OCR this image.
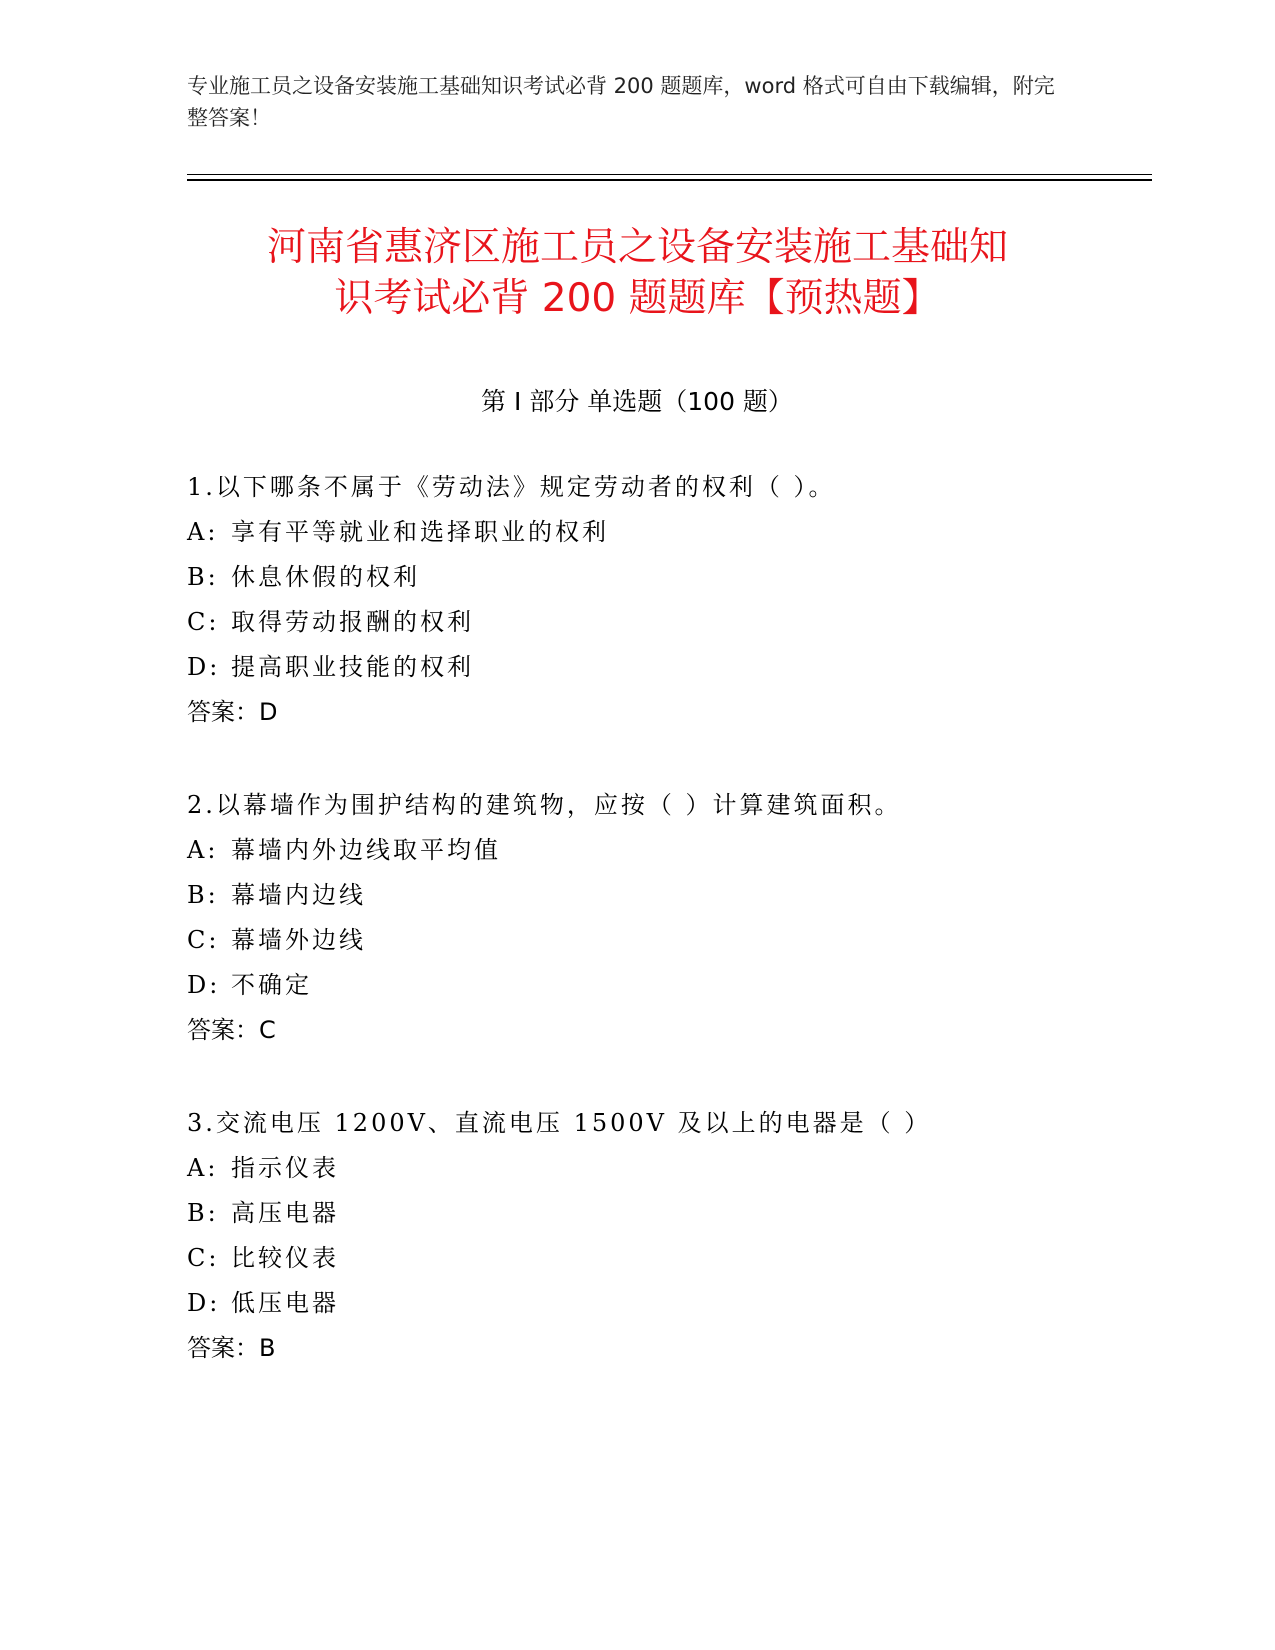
专业施工员之设备安装施工基础知识考试必背 200 题题库，word 格式可自由下载编辑，附完整答案！
河南省惠济区施工员之设备安装施工基础知
识考试必背 200 题题库【预热题】
第 I 部分 单选题（100 题）
1.以下哪条不属于《劳动法》规定劳动者的权利（ ）。
A: 享有平等就业和选择职业的权利
B: 休息休假的权利
C: 取得劳动报酬的权利
D: 提高职业技能的权利
答案：D
2.以幕墙作为围护结构的建筑物，应按（ ）计算建筑面积。
A: 幕墙内外边线取平均值
B: 幕墙内边线
C: 幕墙外边线
D: 不确定
答案：C
3.交流电压 1200V、直流电压 1500V 及以上的电器是（ ）
A: 指示仪表
B: 高压电器
C: 比较仪表
D: 低压电器
答案：B
